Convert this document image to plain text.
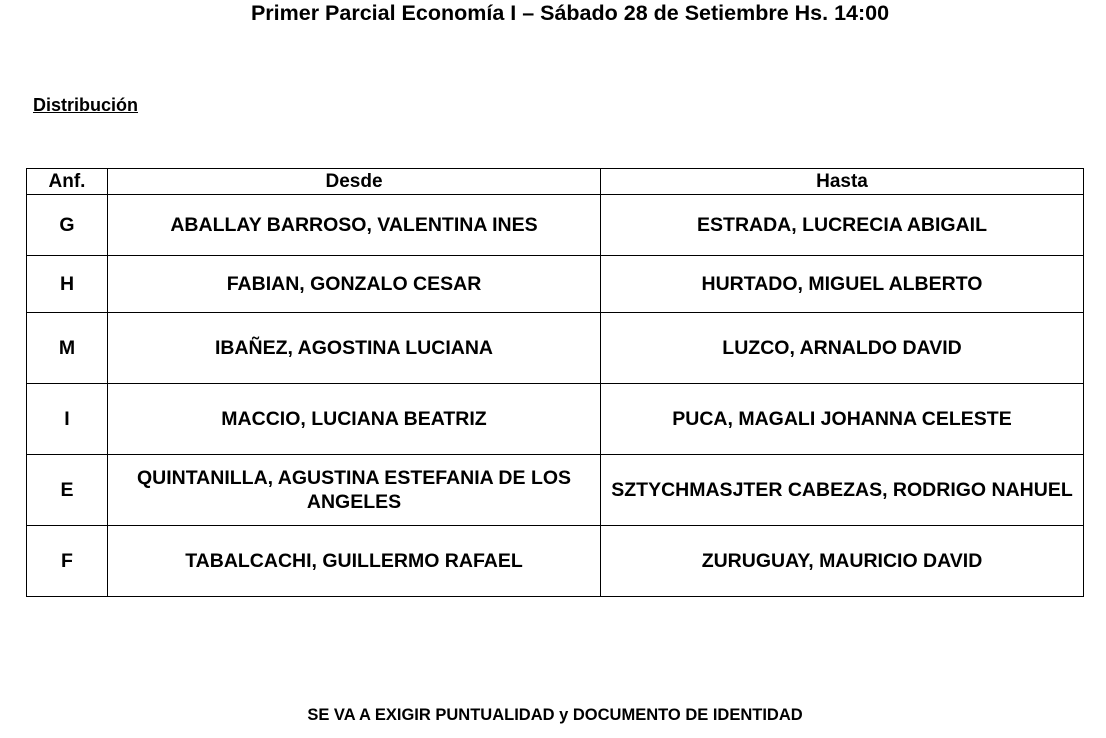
Primer Parcial Economía I – Sábado 28 de Setiembre Hs. 14:00
Distribución
Anf.	Desde	Hasta
G	ABALLAY BARROSO, VALENTINA INES	ESTRADA, LUCRECIA ABIGAIL
H	FABIAN, GONZALO CESAR	HURTADO, MIGUEL ALBERTO
M	IBAÑEZ, AGOSTINA LUCIANA	LUZCO, ARNALDO DAVID
I	MACCIO, LUCIANA BEATRIZ	PUCA, MAGALI JOHANNA CELESTE
E	QUINTANILLA, AGUSTINA ESTEFANIA DE LOS ANGELES	SZTYCHMASJTER CABEZAS, RODRIGO NAHUEL
F	TABALCACHI, GUILLERMO RAFAEL	ZURUGUAY, MAURICIO DAVID
SE VA A EXIGIR PUNTUALIDAD y DOCUMENTO DE IDENTIDAD
